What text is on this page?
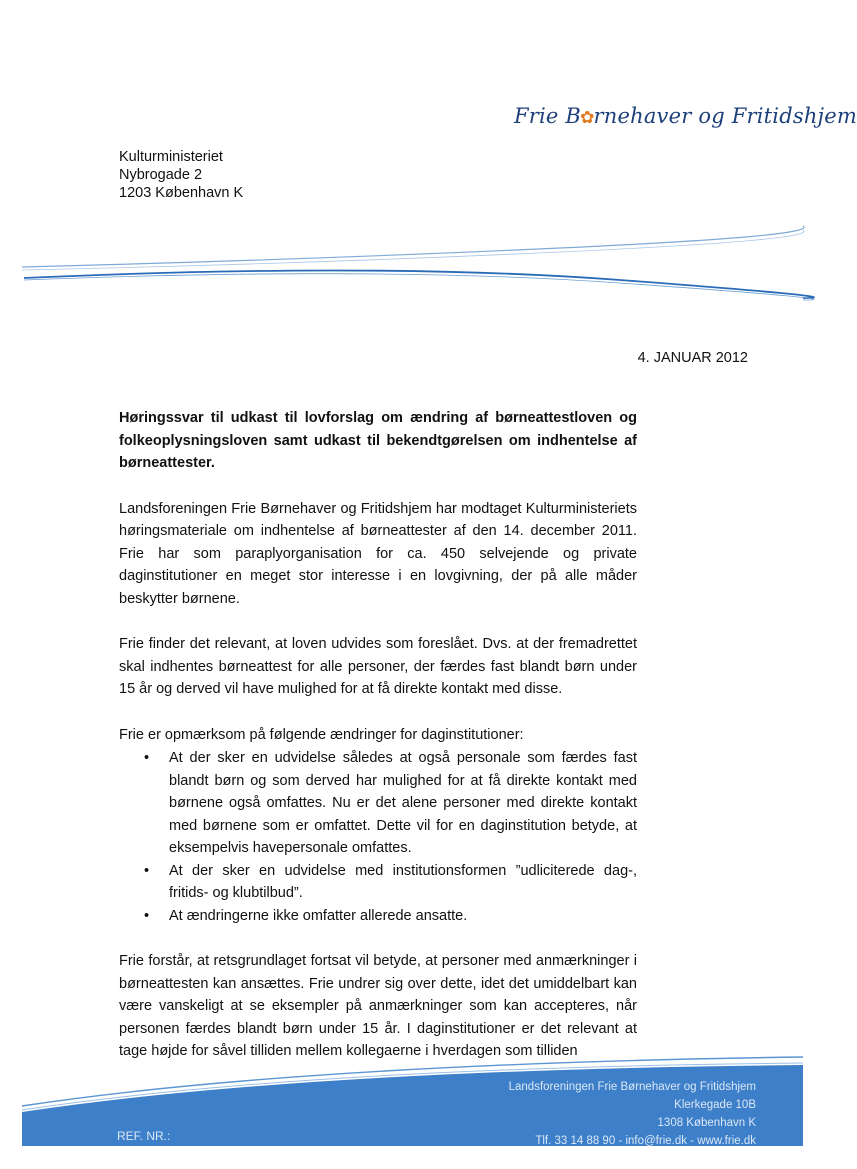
Frie B✿rnehaver og Fritidshjem
Kulturministeriet
Nybrogade 2
1203 København K
4. JANUAR 2012

Høringssvar til udkast til lovforslag om ændring af børneattestloven og folkeoplysningsloven samt udkast til bekendtgørelsen om indhentelse af børneattester.

Landsforeningen Frie Børnehaver og Fritidshjem har modtaget Kulturministeriets høringsmateriale om indhentelse af børneattester af den 14. december 2011. Frie har som paraplyorganisation for ca. 450 selvejende og private daginstitutioner en meget stor interesse i en lovgivning, der på alle måder beskytter børnene.

Frie finder det relevant, at loven udvides som foreslået. Dvs. at der fremadrettet skal indhentes børneattest for alle personer, der færdes fast blandt børn under 15 år og derved vil have mulighed for at få direkte kontakt med disse.

Frie er opmærksom på følgende ændringer for daginstitutioner:

• At der sker en udvidelse således at også personale som færdes fast blandt børn og som derved har mulighed for at få direkte kontakt med børnene også omfattes. Nu er det alene personer med direkte kontakt med børnene som er omfattet. Dette vil for en daginstitution betyde, at eksempelvis havepersonale omfattes.
• At der sker en udvidelse med institutionsformen ”udliciterede dag-, fritids- og klubtilbud”.
• At ændringerne ikke omfatter allerede ansatte.

Frie forstår, at retsgrundlaget fortsat vil betyde, at personer med anmærkninger i børneattesten kan ansættes. Frie undrer sig over dette, idet det umiddelbart kan være vanskeligt at se eksempler på anmærkninger som kan accepteres, når personen færdes blandt børn under 15 år. I daginstitutioner er det relevant at tage højde for såvel tilliden mellem kollegaerne i hverdagen som tilliden

Landsforeningen Frie Børnehaver og Fritidshjem
Klerkegade 10B
1308 København K
Tlf. 33 14 88 90 - info@frie.dk - www.frie.dk
REF. NR.:
